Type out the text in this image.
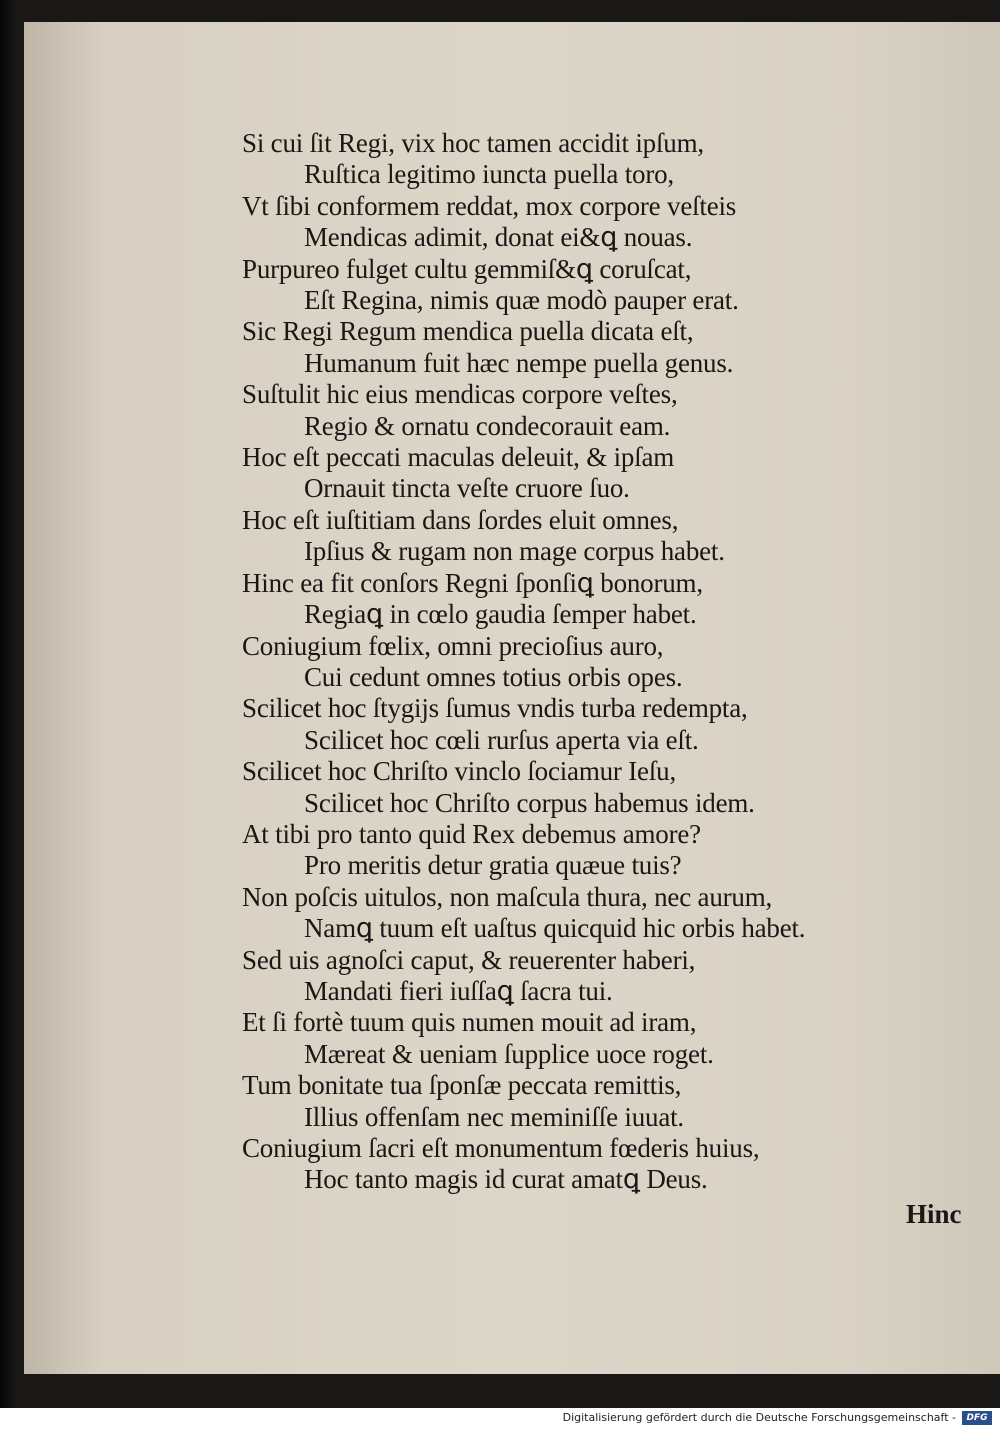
Si cui ſit Regi, vix hoc tamen accidit ipſum,
Ruſtica legitimo iuncta puella toro,
Vt ſibi conformem reddat, mox corpore veſteis
Mendicas adimit, donat ei&ꝗ nouas.
Purpureo fulget cultu gemmiſ&ꝗ coruſcat,
Eſt Regina, nimis quæ modò pauper erat.
Sic Regi Regum mendica puella dicata eſt,
Humanum fuit hæc nempe puella genus.
Suſtulit hic eius mendicas corpore veſtes,
Regio & ornatu condecorauit eam.
Hoc eſt peccati maculas deleuit, & ipſam
Ornauit tincta veſte cruore ſuo.
Hoc eſt iuſtitiam dans ſordes eluit omnes,
Ipſius & rugam non mage corpus habet.
Hinc ea fit conſors Regni ſponſiꝗ bonorum,
Regiaꝗ in cœlo gaudia ſemper habet.
Coniugium fœlix, omni precioſius auro,
Cui cedunt omnes totius orbis opes.
Scilicet hoc ſtygijs ſumus vndis turba redempta,
Scilicet hoc cœli rurſus aperta via eſt.
Scilicet hoc Chriſto vinclo ſociamur Ieſu,
Scilicet hoc Chriſto corpus habemus idem.
At tibi pro tanto quid Rex debemus amore?
Pro meritis detur gratia quæue tuis?
Non poſcis uitulos, non maſcula thura, nec aurum,
Namꝗ tuum eſt uaſtus quicquid hic orbis habet.
Sed uis agnoſci caput, & reuerenter haberi,
Mandati fieri iuſſaꝗ ſacra tui.
Et ſi fortè tuum quis numen mouit ad iram,
Mæreat & ueniam ſupplice uoce roget.
Tum bonitate tua ſponſæ peccata remittis,
Illius offenſam nec meminiſſe iuuat.
Coniugium ſacri eſt monumentum fœderis huius,
Hoc tanto magis id curat amatꝗ Deus.
Hinc
Digitalisierung gefördert durch die Deutsche Forschungsgemeinschaft -	DFG
